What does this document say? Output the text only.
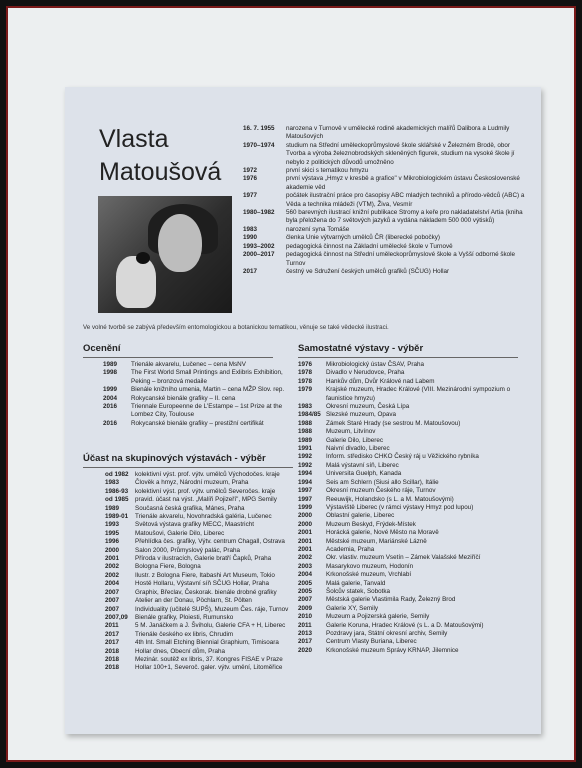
Vlasta
Matoušová
16. 7. 1955	narozena v Turnově v umělecké rodině akademických malířů Dalibora a Ludmily Matoušových
1970–1974	studium na Střední uměleckoprůmyslové škole sklářské v Železném Brodě, obor Tvorba a výroba železnobrodských skleněných figurek, studium na vysoké škole jí nebylo z politických důvodů umožněno
1972	první skici s tematikou hmyzu
1976	první výstava „Hmyz v kresbě a grafice" v Mikrobiologickém ústavu Československé akademie věd
1977	počátek ilustrační práce pro časopisy ABC mladých techniků a přírodo-vědců (ABC) a Věda a technika mládeži (VTM), Živa, Vesmír
1980–1982	560 barevných ilustrací knižní publikace Stromy a keře pro nakladatelství Artia (kniha byla přeložena do 7 světových jazyků a vydána nákladem 500 000 výtisků)
1983	narození syna Tomáše
1990	členka Unie výtvarných umělců ČR (liberecké pobočky)
1993–2002	pedagogická činnost na Základní umělecké škole v Turnově
2000–2017	pedagogická činnost na Střední uměleckoprůmyslové škole a Vyšší odborné škole Turnov
2017	čestný ve Sdružení českých umělců grafiků (SČUG) Hollar
Ve volné tvorbě se zabývá především entomologickou a botanickou tematikou, věnuje se také vědecké ilustraci.
Ocenění
1989 Trienále akvarelu, Lučenec – cena MsNV
1998 The First World Small Printings and Exlibris Exhibition, Peking – bronzová medaile
1999 Bienále knižního umenia, Martin – cena MŽP Slov. rep.
2004 Rokycanské bienále grafiky – II. cena
2016 Triennale Europeenne de L'Estampe – 1st Prize at the Lombez City, Toulouse
2016 Rokycanské bienále grafiky – prestižní certifikát
Účast na skupinových výstavách - výběr
od 1982 kolektivní výst. prof. výtv. umělců Východočes. kraje
1983	Člověk a hmyz, Národní muzeum, Praha
1986-93 kolektivní výst. prof. výtv. umělců Severočes. kraje
od 1985 pravid. účast na výst. „Malíři Pojizeří", MPG Semily
1989	Současná česká grafika, Mánes, Praha
1989-01 Trienále akvarelu, Novohradská galéria, Lučenec
1993	Světová výstava grafiky MECC, Maastricht
1995	Matoušovi, Galerie Dilo, Liberec
1996	Přehlídka čes. grafiky, Výtv. centrum Chagall, Ostrava
2000	Salon 2000, Průmyslový palác, Praha
2001	Příroda v ilustracích, Galerie bratří Čapků, Praha
2002	Bologna Fiere, Bologna
2002	Ilustr. z Bologna Fiere, Itabashi Art Museum, Tokio
2004	Hostě Hollaru, Výstavní síň SČUG Hollar, Praha
2007	Graphix, Břeclav, Českorak. bienále drobné grafiky
2007	Atelier an der Donau, Pöchlarn, St. Pölten
2007	Individuality (učitelé SUPŠ), Muzeum Čes. ráje, Turnov
2007,09 Bienále grafiky, Ploiesti, Rumunsko
2011	5 M. Janáčkem a J. Šviholu, Galerie CFA + H, Liberec
2017	Trienále českého ex libris, Chrudim
2017	4th Int. Small Etching Biennial Graphium, Timisoara
2018	Hollar dnes, Obecní dům, Praha
2018	Mezinár. soutěž ex libris, 37. Kongres FISAE v Praze
2018	Hollar 100+1, Severoč. galer. výtv. umění, Litoměřice
Samostatné výstavy - výběr
1976 Mikrobiologický ústav ČSAV, Praha
1978 Divadlo v Nerudovce, Praha
1978 Hankův dům, Dvůr Králové nad Labem
1979 Krajské muzeum, Hradec Králové (VIII. Mezinárodní sympozium o faunistice hmyzu)
1983 Okresní muzeum, Česká Lípa
1984/85 Slezské muzeum, Opava
1988 Zámek Staré Hrady (se sestrou M. Matoušovou)
1988 Muzeum, Litvínov
1989 Galerie Dilo, Liberec
1991 Naivní divadlo, Liberec
1992 Inform. středisko CHKO Český ráj u Věžického rybníka
1992 Malá výstavní síň, Liberec
1994 Universita Guelph, Kanada
1994 Seis am Schlern (Siusi allo Scillar), Itálie
1997 Okresní muzeum Českého ráje, Turnov
1997 Reeuwijk, Holandsko (s L. a M. Matoušovými)
1999 Výstaviště Liberec (v rámci výstavy Hmyz pod lupou)
2000 Oblastní galerie, Liberec
2000 Muzeum Beskyd, Frýdek-Místek
2001 Horácká galerie, Nové Město na Moravě
2001 Městské muzeum, Mariánské Lázně
2001 Academia, Praha
2002 Okr. vlastiv. muzeum Vsetín – Zámek Valašské Meziříčí
2003 Masarykovo muzeum, Hodonín
2004 Krkonošské muzeum, Vrchlabí
2005 Malá galerie, Tanvald
2005 Šolcův statek, Sobotka
2007 Městská galerie Vlastimila Rady, Železný Brod
2009 Galerie XY, Semily
2010 Muzeum a Pojizerská galerie, Semily
2011 Galerie Koruna, Hradec Králové (s L. a D. Matoušovými)
2013 Pozdravy jara, Státní okresní archiv, Semily
2017 Centrum Vlasty Buriana, Liberec
2020 Krkonošské muzeum Správy KRNAP, Jilemnice
